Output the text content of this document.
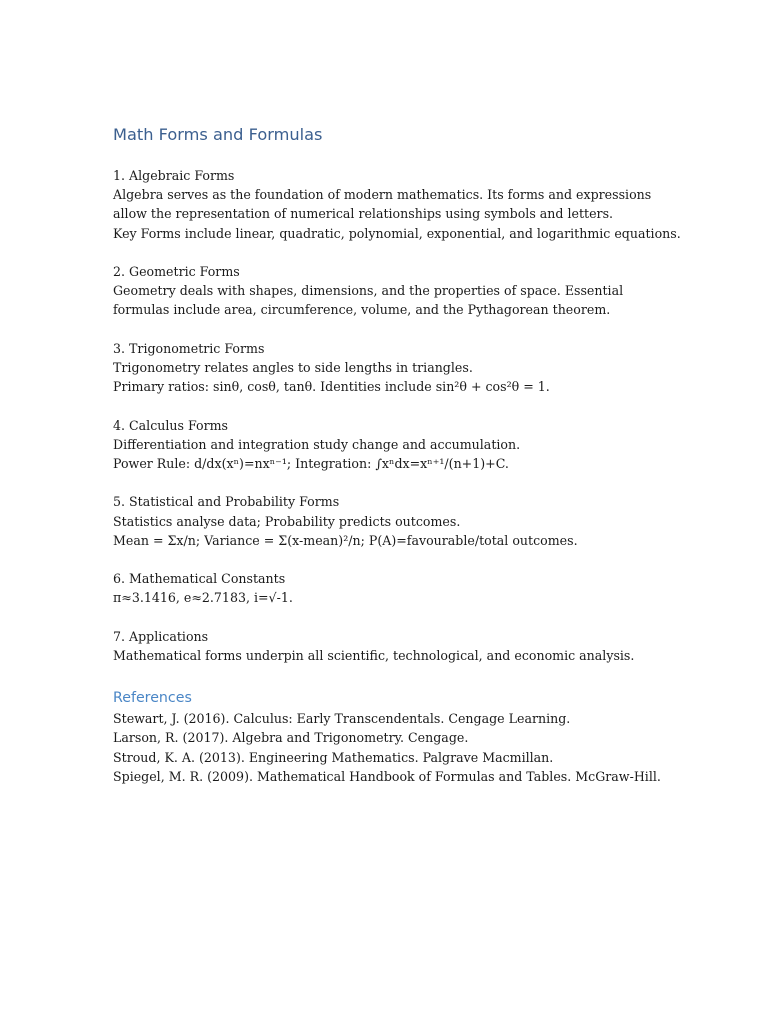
Math Forms and Formulas
1. Algebraic Forms
Algebra serves as the foundation of modern mathematics. Its forms and expressions allow the representation of numerical relationships using symbols and letters.
Key Forms include linear, quadratic, polynomial, exponential, and logarithmic equations.
2. Geometric Forms
Geometry deals with shapes, dimensions, and the properties of space. Essential formulas include area, circumference, volume, and the Pythagorean theorem.
3. Trigonometric Forms
Trigonometry relates angles to side lengths in triangles.
Primary ratios: sinθ, cosθ, tanθ. Identities include sin²θ + cos²θ = 1.
4. Calculus Forms
Differentiation and integration study change and accumulation.
Power Rule: d/dx(xⁿ)=nxⁿ⁻¹; Integration: ∫xⁿdx=xⁿ⁺¹/(n+1)+C.
5. Statistical and Probability Forms
Statistics analyse data; Probability predicts outcomes.
Mean = Σx/n; Variance = Σ(x-mean)²/n; P(A)=favourable/total outcomes.
6. Mathematical Constants
π≈3.1416, e≈2.7183, i=√-1.
7. Applications
Mathematical forms underpin all scientific, technological, and economic analysis.
References
Stewart, J. (2016). Calculus: Early Transcendentals. Cengage Learning.
Larson, R. (2017). Algebra and Trigonometry. Cengage.
Stroud, K. A. (2013). Engineering Mathematics. Palgrave Macmillan.
Spiegel, M. R. (2009). Mathematical Handbook of Formulas and Tables. McGraw-Hill.
